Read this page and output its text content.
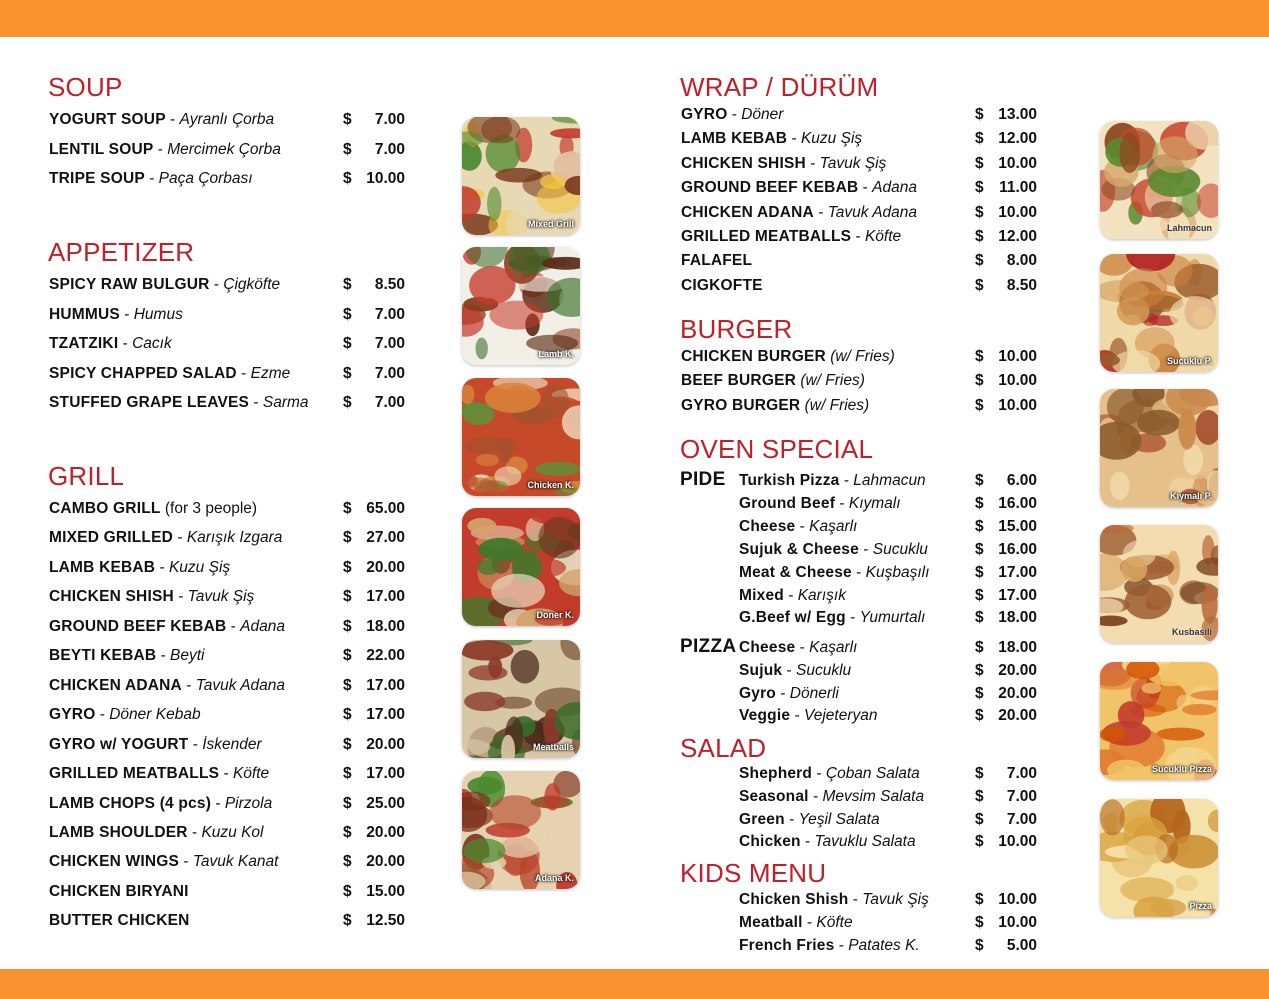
SOUP
YOGURT SOUP - Ayranlı Çorba	$ 7.00
LENTIL SOUP - Mercimek Çorba	$ 7.00
TRIPE SOUP - Paça Çorbası	$ 10.00
APPETIZER
SPICY RAW BULGUR - Çigköfte	$ 8.50
HUMMUS - Humus	$ 7.00
TZATZIKI - Cacık	$ 7.00
SPICY CHAPPED SALAD - Ezme	$ 7.00
STUFFED GRAPE LEAVES - Sarma $ 7.00
GRILL
CAMBO GRILL (for 3 people)	$ 65.00
MIXED GRILLED - Karışık Izgara	$ 27.00
LAMB KEBAB - Kuzu Şiş	$ 20.00
CHICKEN SHISH - Tavuk Şiş	$ 17.00
GROUND BEEF KEBAB - Adana	$ 18.00
BEYTI KEBAB - Beyti	$ 22.00
CHICKEN ADANA - Tavuk Adana	$ 17.00
GYRO - Döner Kebab	$ 17.00
GYRO w/ YOGURT - İskender	$ 20.00
GRILLED MEATBALLS - Köfte	$ 17.00
LAMB CHOPS (4 pcs) - Pirzola	$ 25.00
LAMB SHOULDER - Kuzu Kol	$ 20.00
CHICKEN WINGS - Tavuk Kanat	$ 20.00
CHICKEN BIRYANI	$ 15.00
BUTTER CHICKEN	$ 12.50
WRAP / DÜRÜM
GYRO - Döner	$ 13.00
LAMB KEBAB - Kuzu Şiş	$ 12.00
CHICKEN SHISH - Tavuk Şiş	$ 10.00
GROUND BEEF KEBAB - Adana	$ 11.00
CHICKEN ADANA - Tavuk Adana	$ 10.00
GRILLED MEATBALLS - Köfte	$ 12.00
FALAFEL	$ 8.00
CIGKOFTE	$ 8.50
BURGER
CHICKEN BURGER (w/ Fries)	$ 10.00
BEEF BURGER (w/ Fries)	$ 10.00
GYRO BURGER (w/ Fries)	$ 10.00
OVEN SPECIAL
PIDE Turkish Pizza - Lahmacun	$ 6.00
Ground Beef - Kıymalı	$ 16.00
Cheese - Kaşarlı	$ 15.00
Sujuk & Cheese - Sucuklu	$ 16.00
Meat & Cheese - Kuşbaşılı	$ 17.00
Mixed - Karışık	$ 17.00
G.Beef w/ Egg - Yumurtalı	$ 18.00
PIZZA Cheese - Kaşarlı	$ 18.00
Sujuk - Sucuklu	$ 20.00
Gyro - Dönerli	$ 20.00
Veggie - Vejeteryan	$ 20.00
SALAD
Shepherd - Çoban Salata	$ 7.00
Seasonal - Mevsim Salata	$ 7.00
Green - Yeşil Salata	$ 7.00
Chicken - Tavuklu Salata	$ 10.00
KIDS MENU
Chicken Shish - Tavuk Şiş	$ 10.00
Meatball - Köfte	$ 10.00
French Fries - Patates K.	$ 5.00
Mixed Grill
Lamb K.
Chicken K.
Doner K.
Meatballs
Adana K.
Lahmacun
Sucuklu P.
Kıymalı P.
Kusbasili
Sucuklu Pizza
Pizza
